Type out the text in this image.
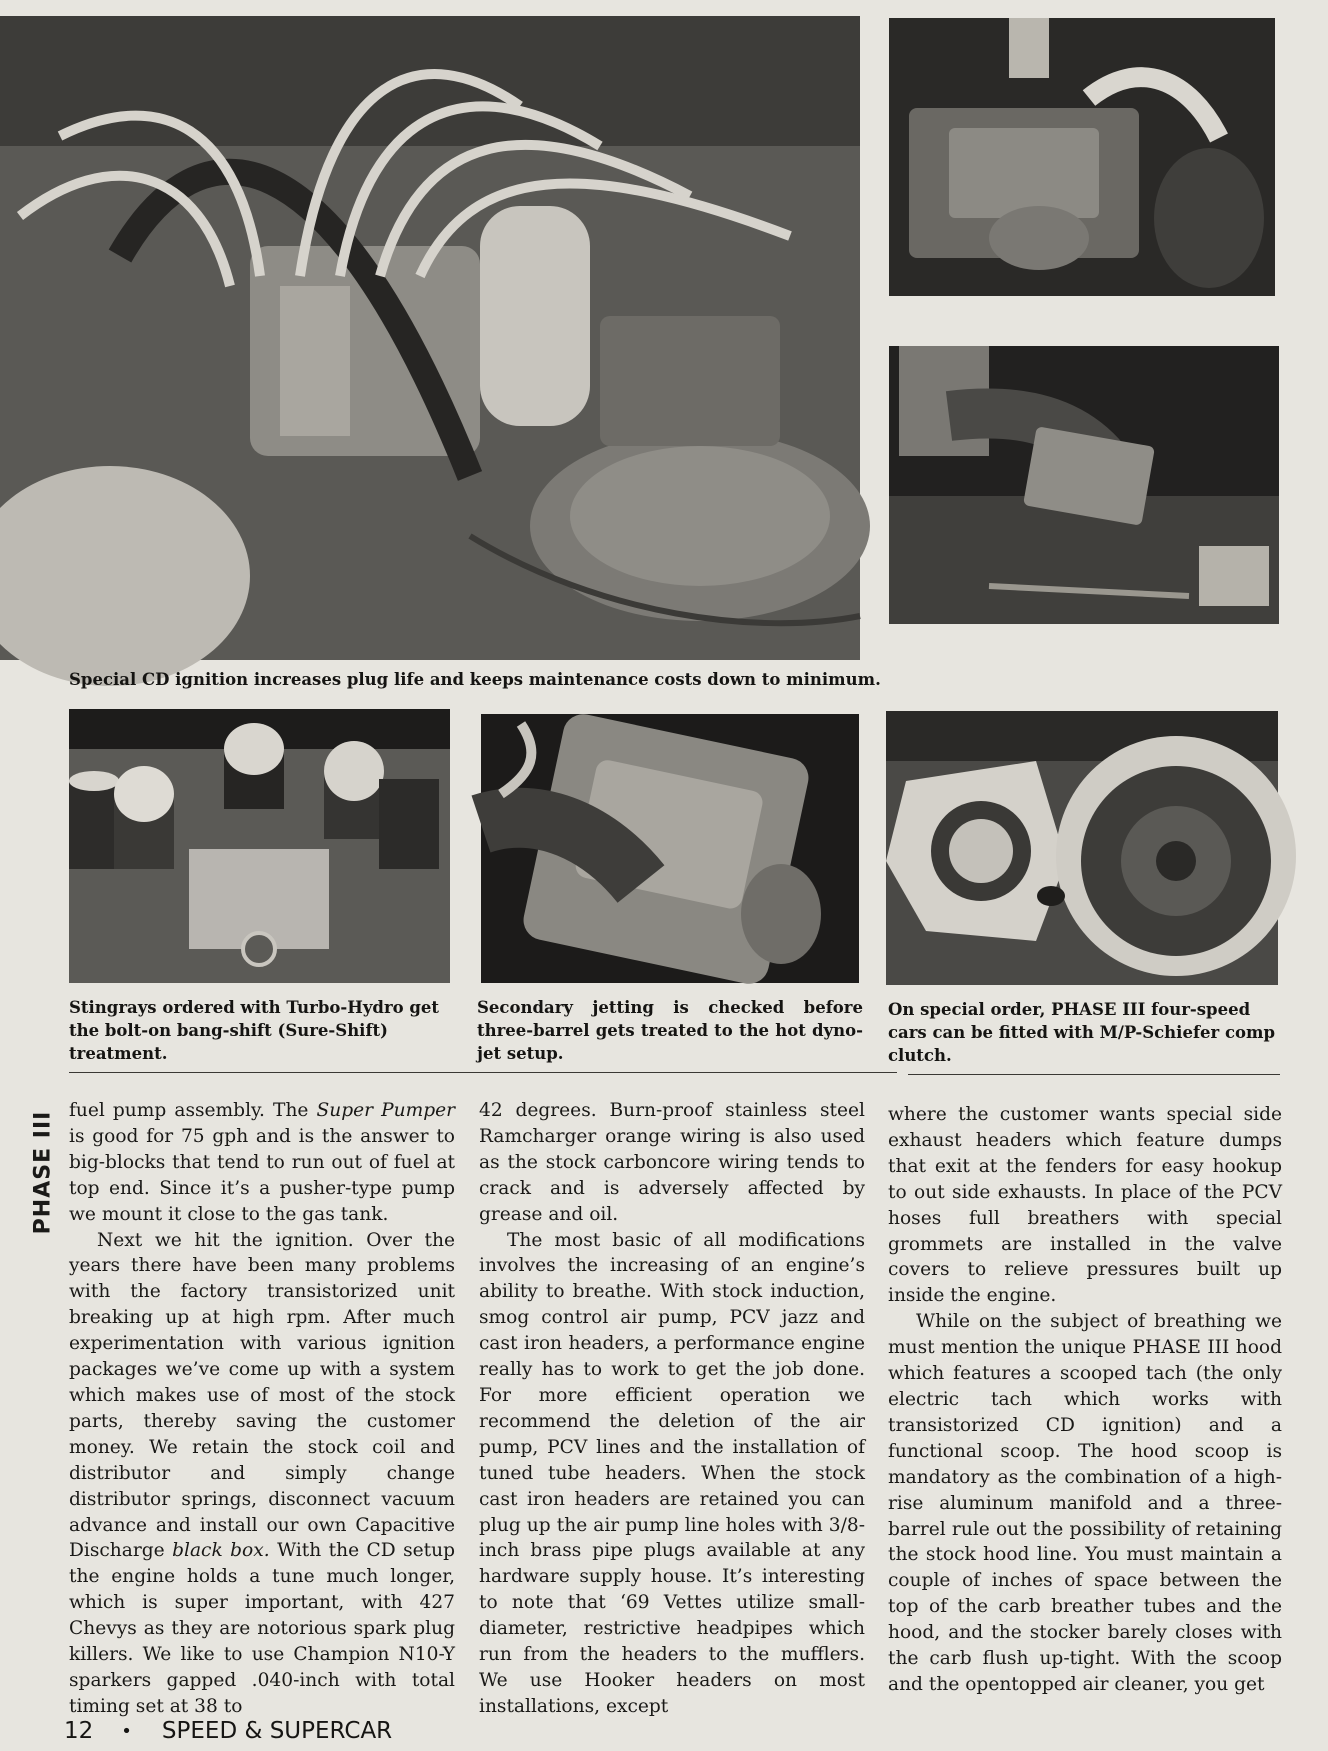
Special CD ignition increases plug life and keeps maintenance costs down to minimum.
Stingrays ordered with Turbo-Hydro get the bolt-on bang-shift (Sure-Shift) treatment.
Secondary jetting is checked before three-barrel gets treated to the hot dyno-jet setup.
On special order, PHASE III four-speed cars can be fitted with M/P-Schiefer comp clutch.
PHASE III fuel pump assembly. The Super Pumper is good for 75 gph and is the answer to big-blocks that tend to run out of fuel at top end. Since it’s a pusher-type pump we mount it close to the gas tank.

Next we hit the ignition. Over the years there have been many problems with the factory transistorized unit breaking up at high rpm. After much experimentation with various ignition packages we’ve come up with a system which makes use of most of the stock parts, thereby saving the customer money. We retain the stock coil and distributor and simply change distributor springs, disconnect vacuum advance and install our own Capacitive Discharge black box. With the CD setup the engine holds a tune much longer, which is super important, with 427 Chevys as they are notorious spark plug killers. We like to use Champion N10-Y sparkers gapped .040-inch with total timing set at 38 to

42 degrees. Burn-proof stainless steel Ramcharger orange wiring is also used as the stock carboncore wiring tends to crack and is adversely affected by grease and oil.

The most basic of all modifications involves the increasing of an engine’s ability to breathe. With stock induction, smog control air pump, PCV jazz and cast iron headers, a performance engine really has to work to get the job done. For more efficient operation we recommend the deletion of the air pump, PCV lines and the installation of tuned tube headers. When the stock cast iron headers are retained you can plug up the air pump line holes with 3/8-inch brass pipe plugs available at any hardware supply house. It’s interesting to note that ‘69 Vettes utilize small-diameter, restrictive headpipes which run from the headers to the mufflers. We use Hooker headers on most installations, except

where the customer wants special side exhaust headers which feature dumps that exit at the fenders for easy hookup to out side exhausts. In place of the PCV hoses full breathers with special grommets are installed in the valve covers to relieve pressures built up inside the engine.

While on the subject of breathing we must mention the unique PHASE III hood which features a scooped tach (the only electric tach which works with transistorized CD ignition) and a functional scoop. The hood scoop is mandatory as the combination of a high-rise aluminum manifold and a three-barrel rule out the possibility of retaining the stock hood line. You must maintain a couple of inches of space between the top of the carb breather tubes and the hood, and the stocker barely closes with the carb flush up-tight. With the scoop and the opentopped air cleaner, you get

12 • SPEED & SUPERCAR
